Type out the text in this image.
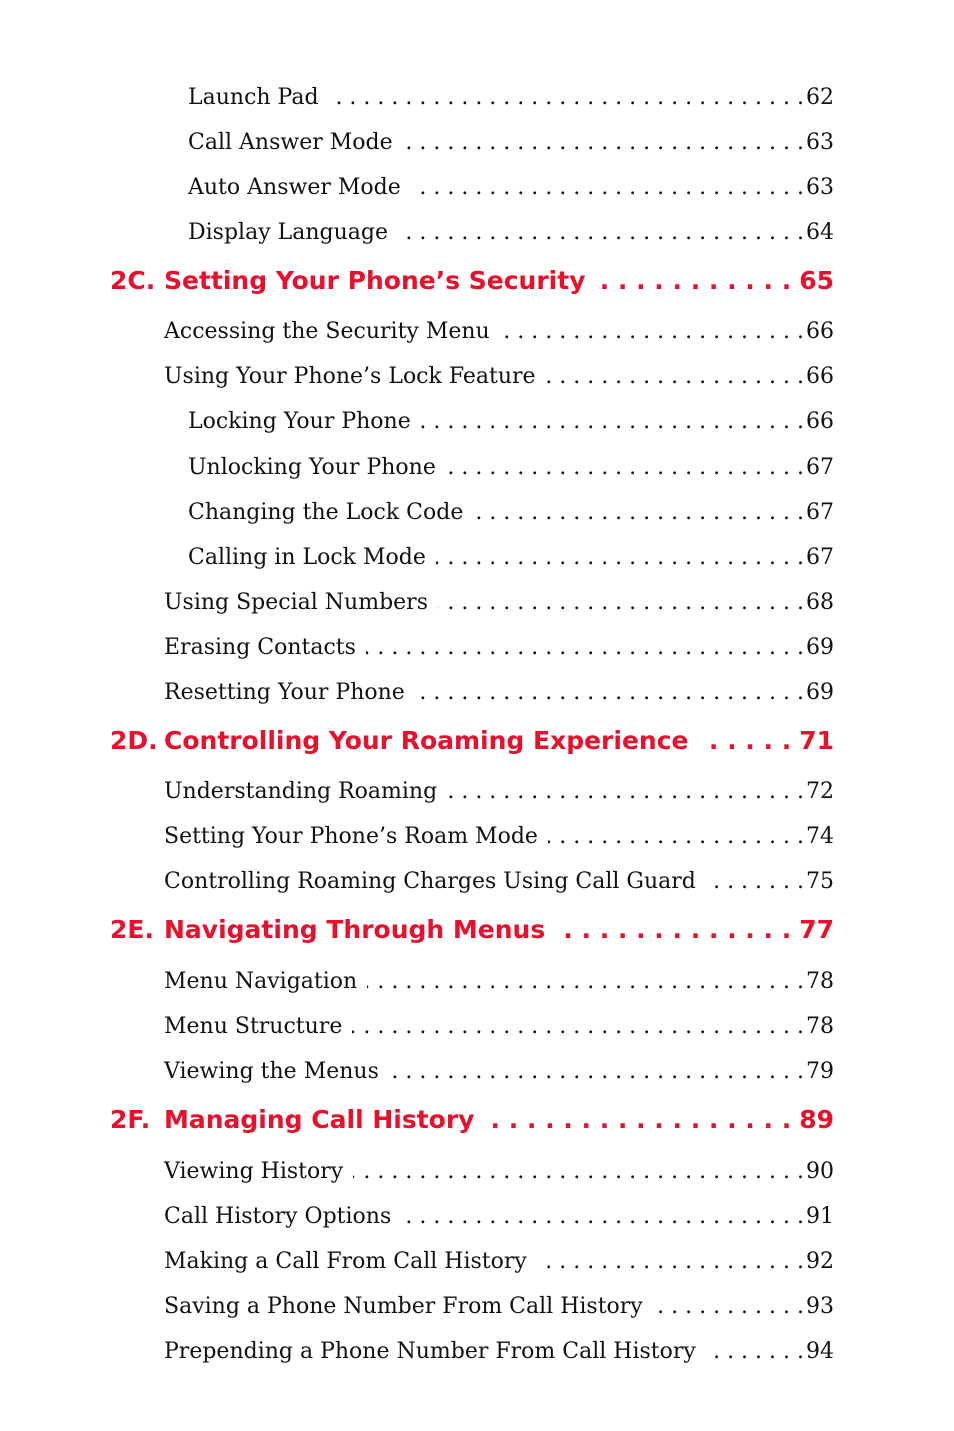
Launch Pad . . .	62
Call Answer Mode . . .	63
Auto Answer Mode . . .	63
Display Language . . .	64
2C. Setting Your Phone’s Security . . .	65
Accessing the Security Menu . . .	66
Using Your Phone’s Lock Feature . . .	66
Locking Your Phone . . .	66
Unlocking Your Phone . . .	67
Changing the Lock Code . . .	67
Calling in Lock Mode . . .	67
Using Special Numbers . . .	68
Erasing Contacts . . .	69
Resetting Your Phone . . .	69
2D. Controlling Your Roaming Experience . . .	71
Understanding Roaming . . .	72
Setting Your Phone’s Roam Mode . . .	74
Controlling Roaming Charges Using Call Guard . . .	75
2E. Navigating Through Menus . . .	77
Menu Navigation . . .	78
Menu Structure . . .	78
Viewing the Menus . . .	79
2F. Managing Call History . . .	89
Viewing History . . .	90
Call History Options . . .	91
Making a Call From Call History . . .	92
Saving a Phone Number From Call History . . .	93
Prepending a Phone Number From Call History . . .	94
